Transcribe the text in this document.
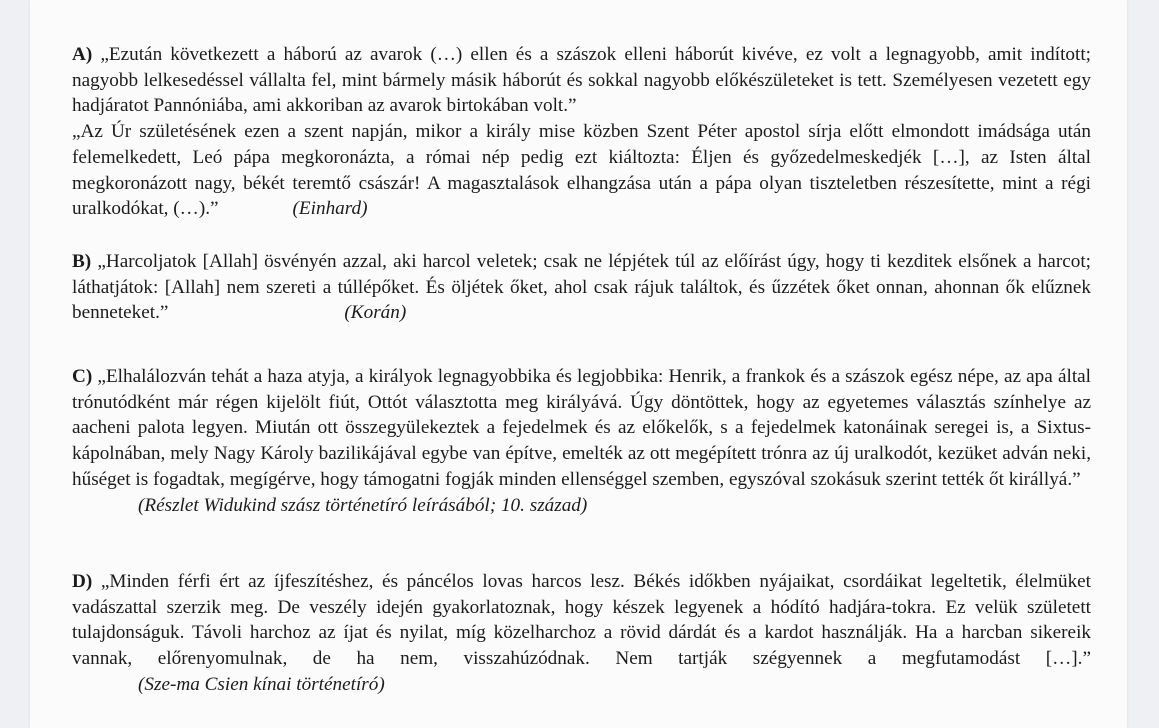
A) „Ezután következett a háború az avarok (…) ellen és a szászok elleni háborút kivéve, ez volt a legnagyobb, amit indított; nagyobb lelkesedéssel vállalta fel, mint bármely másik háborút és sokkal nagyobb előkészületeket is tett. Személyesen vezetett egy hadjáratot Pannóniába, ami akkoriban az avarok birtokában volt.”

„Az Úr születésének ezen a szent napján, mikor a király mise közben Szent Péter apostol sírja előtt elmondott imádsága után felemelkedett, Leó pápa megkoronázta, a római nép pedig ezt kiáltozta: Éljen és győzedelmeskedjék […], az Isten által megkoronázott nagy, békét teremtő császár! A magasztalások elhangzása után a pápa olyan tiszteletben részesítette, mint a régi uralkodókat, (…).”	(Einhard)

B) „Harcoljatok [Allah] ösvényén azzal, aki harcol veletek; csak ne lépjétek túl az előírást úgy, hogy ti kezditek elsőnek a harcot; láthatjátok: [Allah] nem szereti a túllépőket. És öljétek őket, ahol csak rájuk találtok, és űzzétek őket onnan, ahonnan ők elűznek benneteket.”	(Korán)

C) „Elhalálozván tehát a haza atyja, a királyok legnagyobbika és legjobbika: Henrik, a frankok és a szászok egész népe, az apa által trónutódként már régen kijelölt fiút, Ottót választotta meg királyává. Úgy döntöttek, hogy az egyetemes választás színhelye az aacheni palota legyen. Miután ott összegyülekeztek a fejedelmek és az előkelők, s a fejedelmek katonáinak seregei is, a Sixtus-kápolnában, mely Nagy Károly bazilikájával egybe van építve, emelték az ott megépített trónra az új uralkodót, kezüket adván neki, hűséget is fogadtak, megígérve, hogy támogatni fogják minden ellenséggel szemben, egyszóval szokásuk szerint tették őt királlyá.”

(Részlet Widukind szász történetíró leírásából; 10. század)

D) „Minden férfi ért az íjfeszítéshez, és páncélos lovas harcos lesz. Békés időkben nyájaikat, csordáikat legeltetik, élelmüket vadászattal szerzik meg. De veszély idején gyakorlatoznak, hogy készek legyenek a hódító hadjára-tokra. Ez velük született tulajdonságuk. Távoli harchoz az íjat és nyilat, míg közelharchoz a rövid dárdát és a kardot használják. Ha a harcban sikereik vannak, előrenyomulnak, de ha nem, visszahúzódnak. Nem tartják szégyennek a megfutamodást […].”(Sze-ma Csien kínai történetíró)
